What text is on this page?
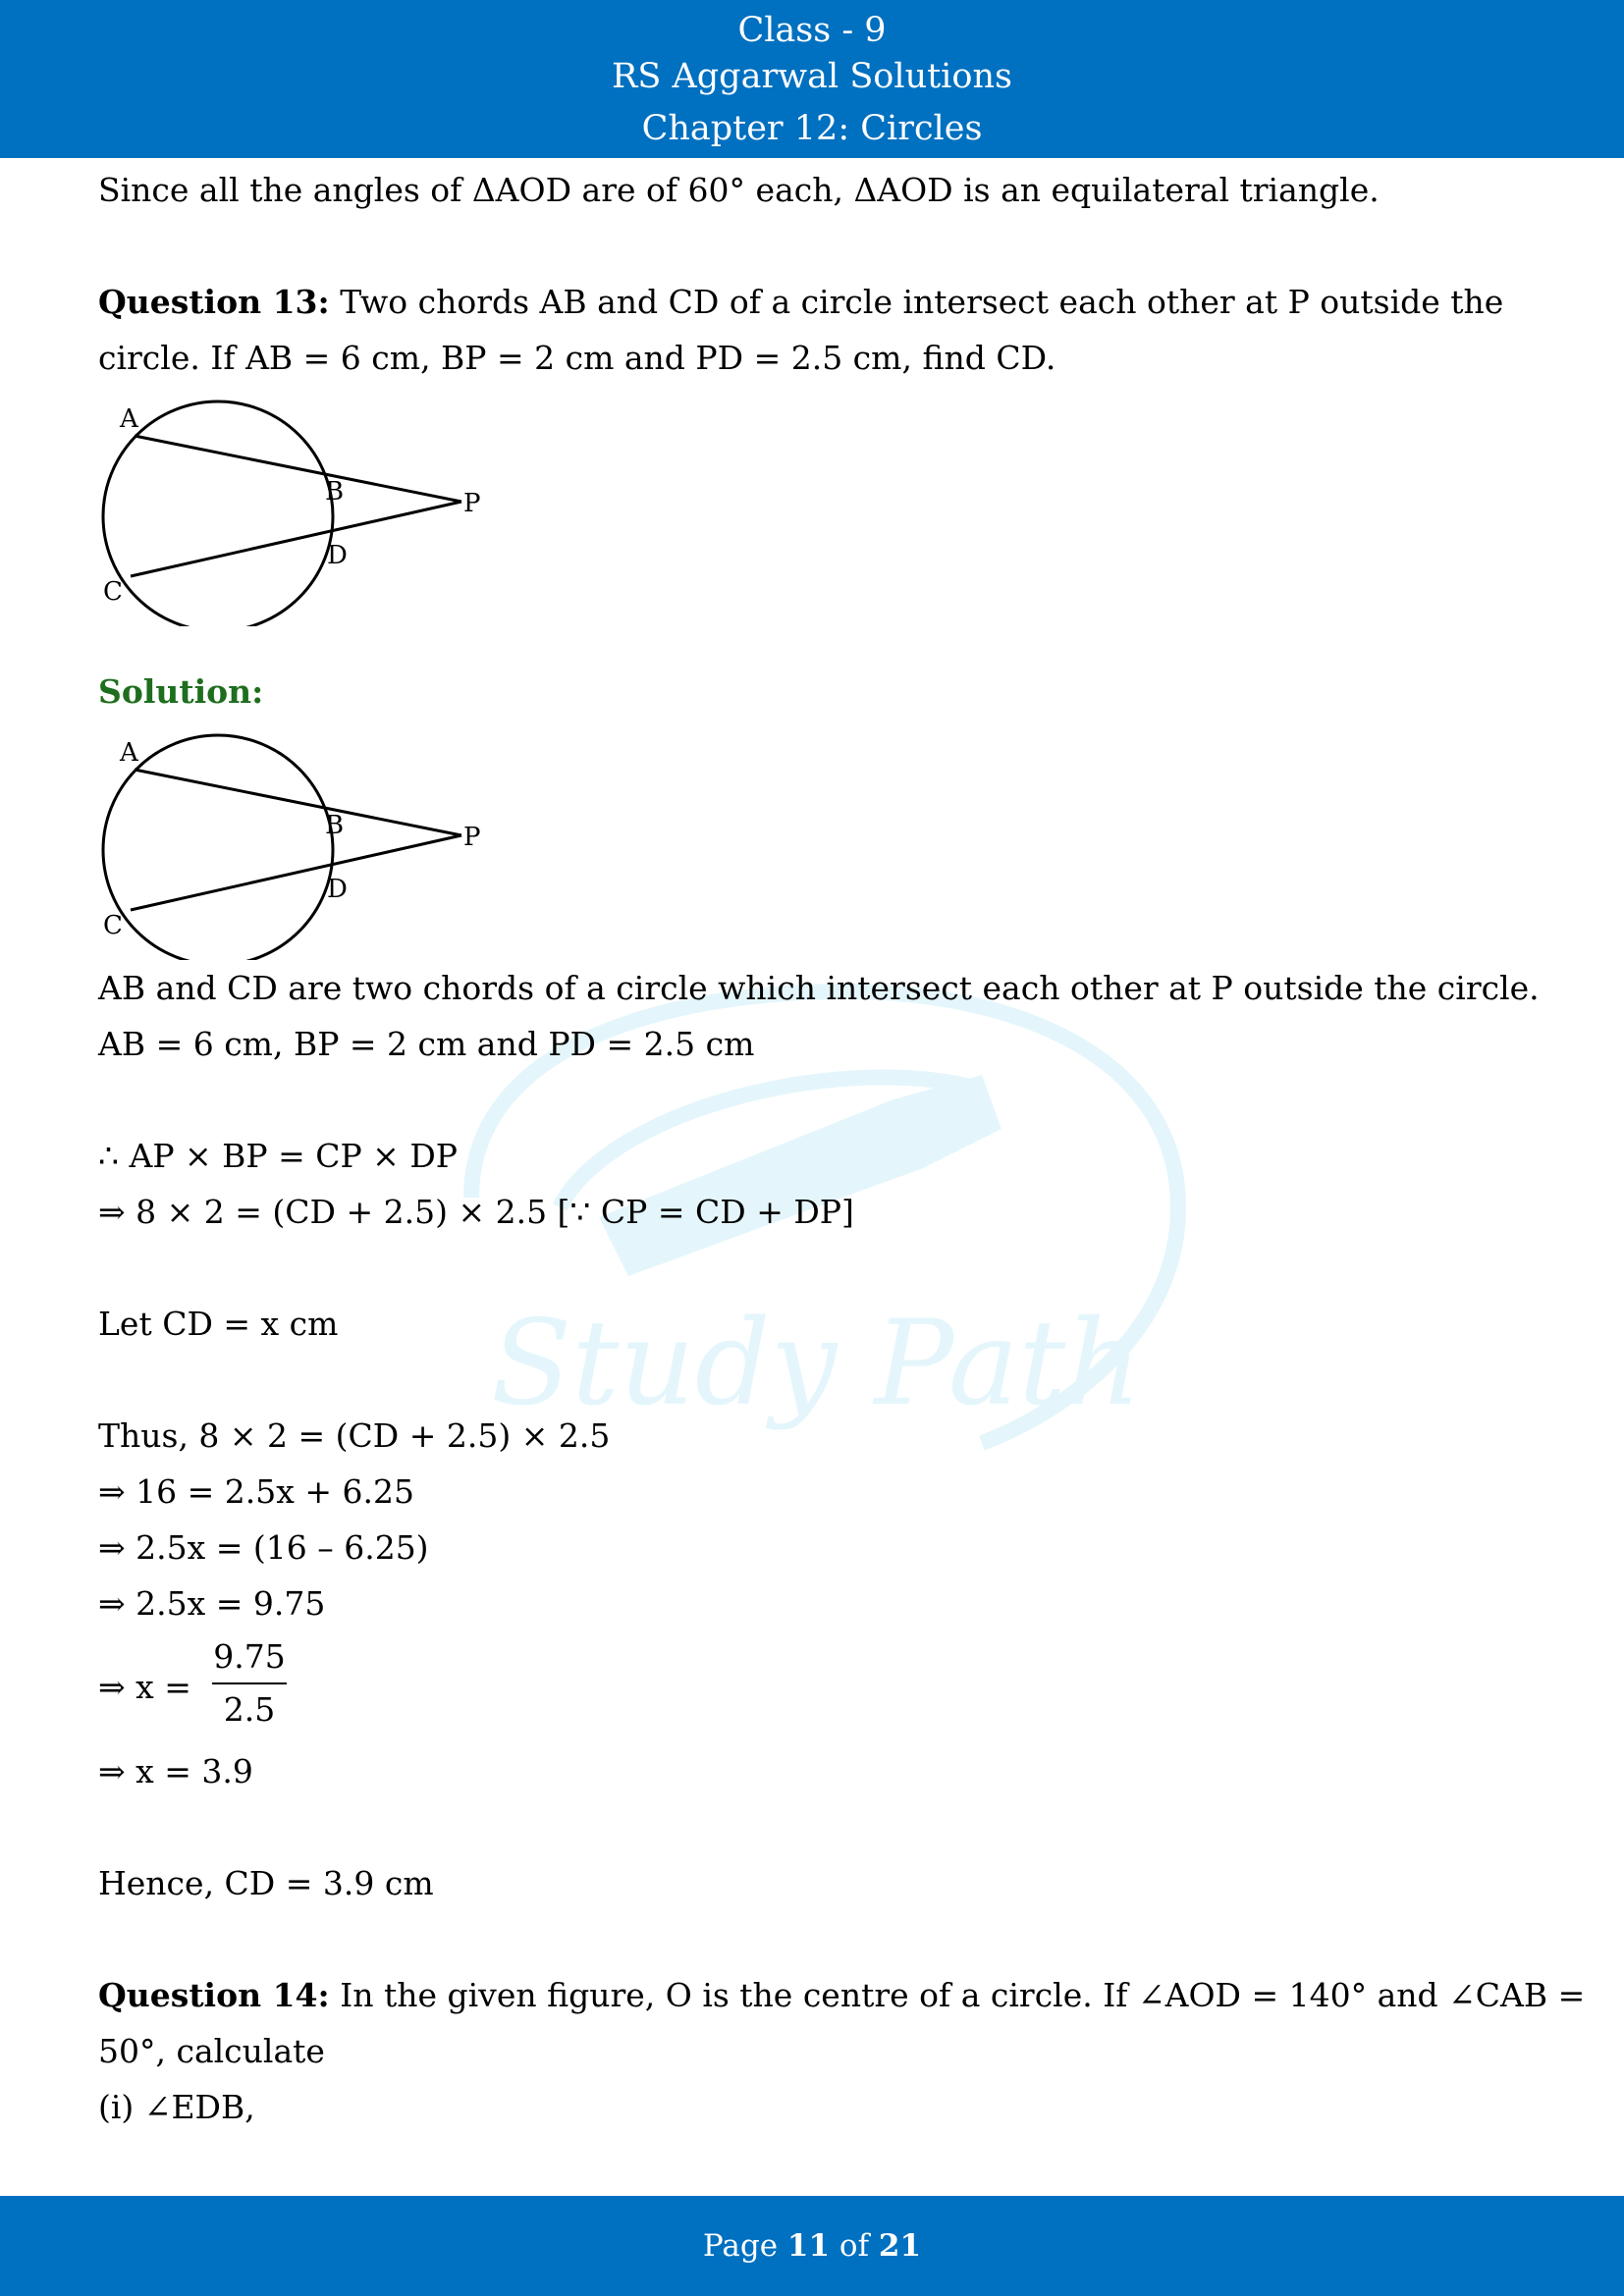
Class - 9
RS Aggarwal Solutions
Chapter 12: Circles
Study Path
Since all the angles of ΔAOD are of 60° each, ΔAOD is an equilateral triangle.
Question 13: Two chords AB and CD of a circle intersect each other at P outside the
circle. If AB = 6 cm, BP = 2 cm and PD = 2.5 cm, find CD.
A
B	P
D
C
Solution:
A
B	P
D
C
AB and CD are two chords of a circle which intersect each other at P outside the circle.
AB = 6 cm, BP = 2 cm and PD = 2.5 cm
∴ AP × BP = CP × DP
⇒ 8 × 2 = (CD + 2.5) × 2.5 [∵ CP = CD + DP]
Let CD = x cm
Thus, 8 × 2 = (CD + 2.5) × 2.5
⇒ 16 = 2.5x + 6.25
⇒ 2.5x = (16 – 6.25)
⇒ 2.5x = 9.75
⇒ $x = \frac{9.75}{2.5}$
⇒ x = 3.9
Hence, CD = 3.9 cm
Question 14: In the given figure, O is the centre of a circle. If ∠AOD = 140° and ∠CAB =
50°, calculate
(i) ∠EDB,
Page 11 of 21
